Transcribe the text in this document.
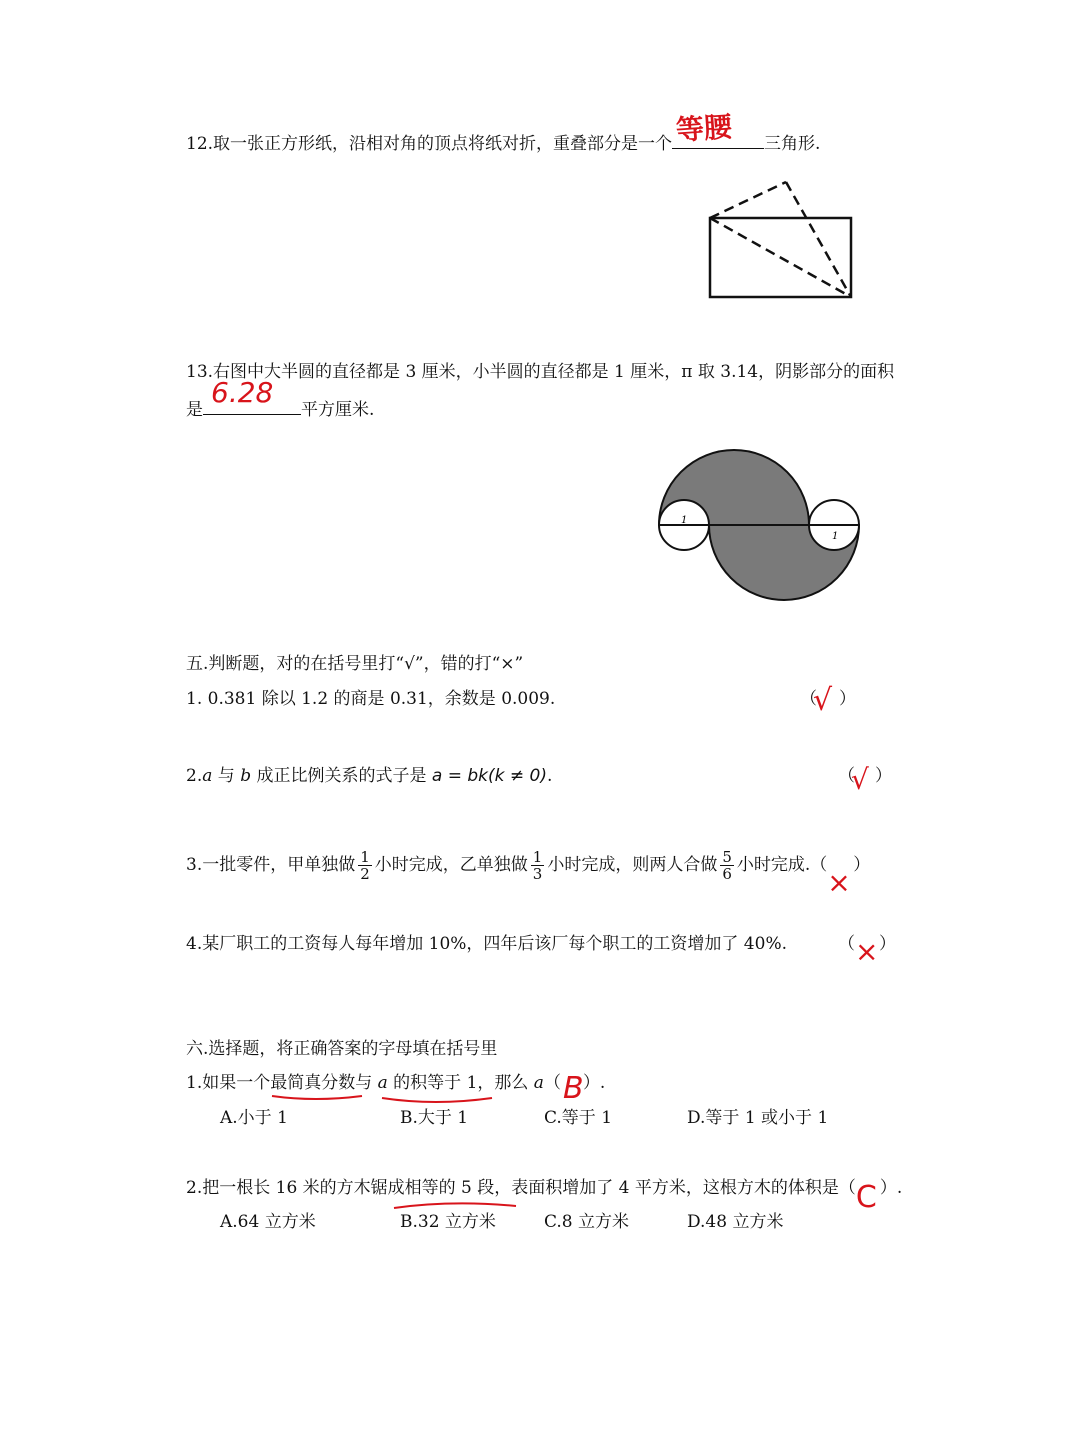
12.取一张正方形纸，沿相对角的顶点将纸对折，重叠部分是一个 等腰 三角形.
13.右图中大半圆的直径都是 3 厘米，小半圆的直径都是 1 厘米，π 取 3.14，阴影部分的面积
是
6.28
平方厘米.
1
1
五.判断题，对的在括号里打“√”，错的打“×”
1. 0.381 除以 1.2 的商是 0.31，余数是 0.009.	（
√ ）
2.a 与 b 成正比例关系的式子是 a = bk(k ≠ 0).	（
√ ）
3.一批零件，甲单独做 $\frac{1}{2}$ 小时完成，乙单独做 $\frac{1}{3}$ 小时完成，则两人合做 $\frac{5}{6}$ 小时完成.（
×
）
4.某厂职工的工资每人每年增加 10%，四年后该厂每个职工的工资增加了 40%.	（ × ）
六.选择题，将正确答案的字母填在括号里
1.如果一个最简真分数与 a 的积等于 1，那么 a（ B ）.
A.小于 1	B.大于 1	C.等于 1	D.等于 1 或小于 1
2.把一根长 16 米的方木锯成相等的 5 段，表面积增加了 4 平方米，这根方木的体积是（ C ）.
A.64 立方米	B.32 立方米	C.8 立方米	D.48 立方米
